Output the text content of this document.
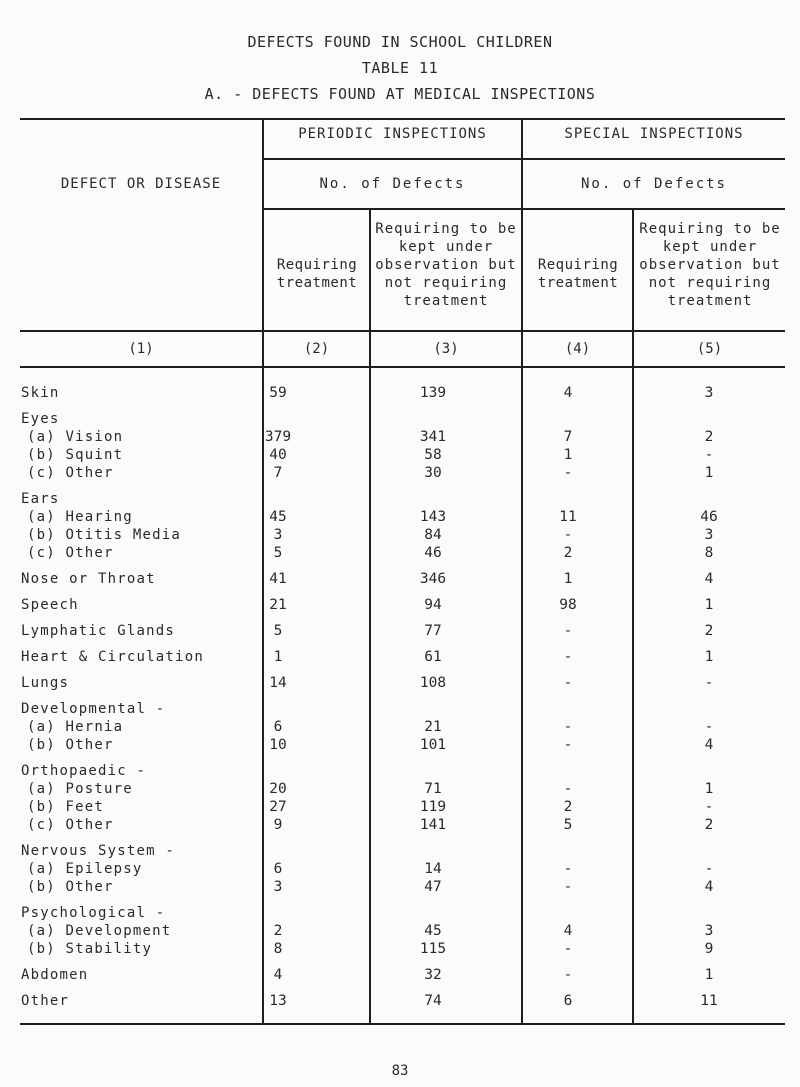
DEFECTS FOUND IN SCHOOL CHILDREN
TABLE 11
A. - DEFECTS FOUND AT MEDICAL INSPECTIONS
DEFECT OR DISEASE
PERIODIC INSPECTIONS	SPECIAL INSPECTIONS
No. of Defects	No. of Defects
Requiring treatment
Requiring to be kept under observation but not requiring treatment
Requiring treatment
Requiring to be kept under observation but not requiring treatment
(1)	(2)	(3)	(4)	(5)
Skin	59	139	4	3
Eyes
(a) Vision	379	341	7	2
(b) Squint	40	58	1	-
(c) Other	7	30	-	1
Ears
(a) Hearing	45	143	11	46
(b) Otitis Media	3	84	-	3
(c) Other	5	46	2	8
Nose or Throat	41	346	1	4
Speech	21	94	98	1
Lymphatic Glands	5	77	-	2
Heart & Circulation	1	61	-	1
Lungs	14	108	-	-
Developmental -
(a) Hernia	6	21	-	-
(b) Other	10	101	-	4
Orthopaedic -
(a) Posture	20	71	-	1
(b) Feet	27	119	2	-
(c) Other	9	141	5	2
Nervous System -
(a) Epilepsy	6	14	-	-
(b) Other	3	47	-	4
Psychological -
(a) Development	2	45	4	3
(b) Stability	8	115	-	9
Abdomen	4	32	-	1
Other	13	74	6	11
83
